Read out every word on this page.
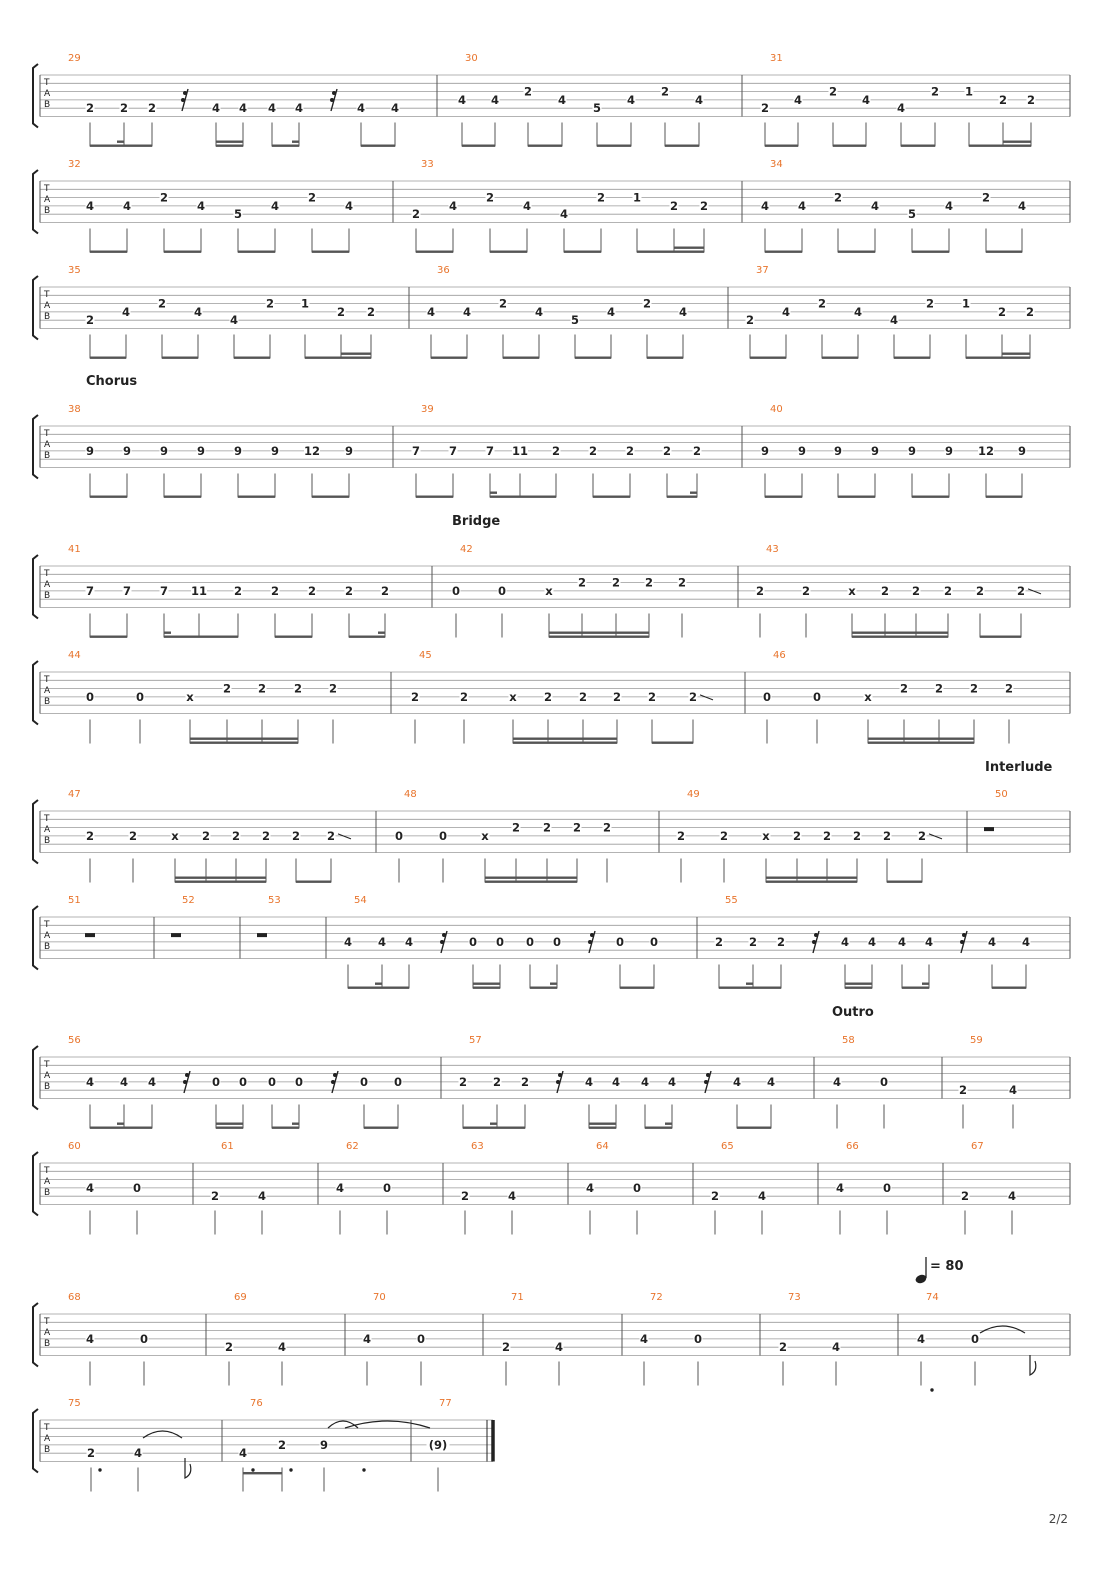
Chorus
Bridge
Interlude
Outro
= 80
T
A
B
29
2 2 2	4 4 4 4	4 4
30
4 4
2
4
5
4
2
4
31
2
4
2
4
4
2 1
2 2
T
A
B
32
4	4
2
4
5
4
2
4
33
2
4
2
4
4
2 1
2 2
34
4	4
2
4
5
4
2
4
T
A
B
35
2
4
2
4
4
2 1
2 2
36
4 4
2
4
5
4
2
4
37
2
4
2
4
4
2 1
2 2
T
A
B
38
9	9	9	9	9	9 12 9
39
7	7	7 11 2	2	2	2 2
40
9	9 9	9	9	9 12 9
T
A
B
41
7	7	7 11 2	2	2	2 2
42
0	0	x
2 2 2 2
43
2	2	x 2 2 2 2	2
T
A
B
44
0	0	x
2 2 2 2
45
2	2	x 2 2 2 2	2
46
0	0	x
2 2 2 2
T
A
B
47
2	2	x 2 2 2 2 2
48
0	0	x
2 2 2 2
49
2	2	x 2 2 2 2 2
50
T
A
B
51	52	53	54
4 4 4	0 0 0 0	0 0
55
2 2 2	4 4 4 4	4 4
T
A
B
56
4 4 4	0 0 0 0	0 0
57
2 2 2	4 4 4 4	4 4
58
4	0
59
2	4
T
A
B
60
4	0
61
2	4
62
4	0
63
2	4
64
4	0
65
2	4
66
4	0
67
2	4
T
A
B
68
4	0
69
2	4
70
4	0
71
2	4
72
4	0
73
2	4
74
4	0
T
A
B
75
2	4
76
4
2	9
77
(9)
2/2
